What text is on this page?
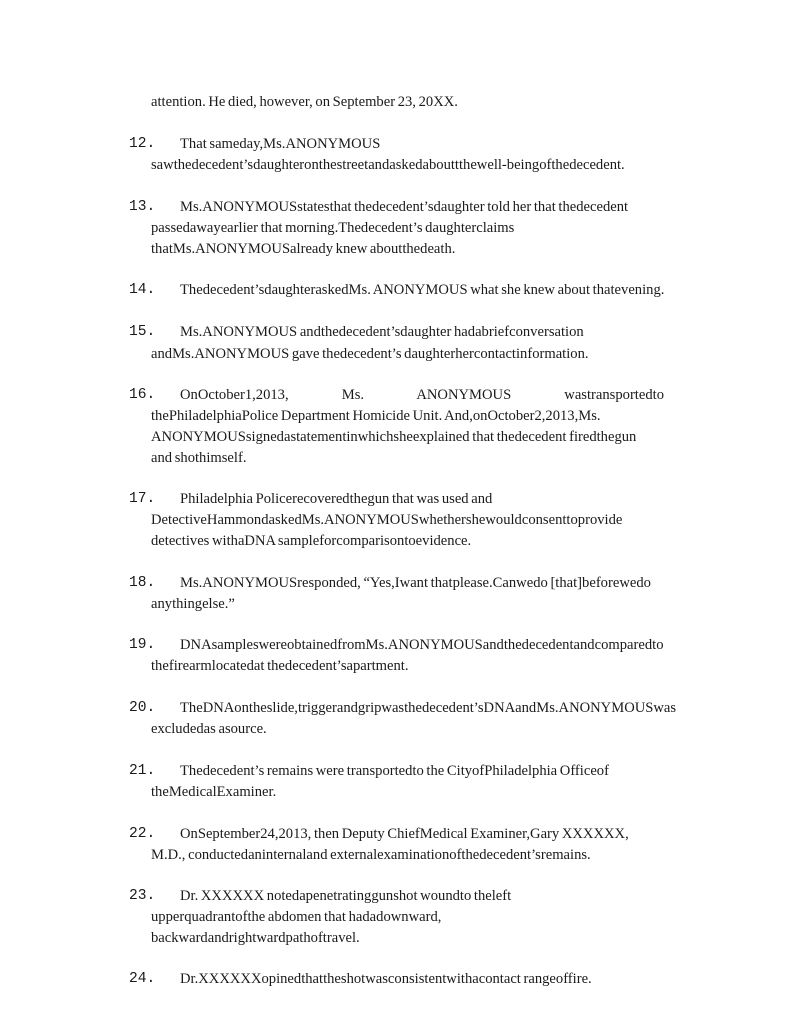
attention. He died, however, on September 23, 20XX.
12. That sameday,Ms.ANONYMOUS
sawthedecedent’sdaughteronthestreetandaskedabouttthewell-beingofthedecedent.
13. Ms.ANONYMOUSstatesthat thedecedent’sdaughter told her that thedecedent
passedawayearlier that morning.Thedecedent’s daughterclaims
thatMs.ANONYMOUSalready knew aboutthedeath.
14. Thedecedent’sdaughteraskedMs. ANONYMOUS what she knew about thatevening.
15. Ms.ANONYMOUS andthedecedent’sdaughter hadabriefconversation
andMs.ANONYMOUS gave thedecedent’s daughterhercontactinformation.
16. OnOctober1,2013, Ms. ANONYMOUS wastransportedto
thePhiladelphiaPolice Department Homicide Unit. And,onOctober2,2013,Ms.
ANONYMOUSsignedastatementinwhichsheexplained that thedecedent firedthegun
and shothimself.
17. Philadelphia Policerecoveredthegun that was used and
DetectiveHammondaskedMs.ANONYMOUSwhethershewouldconsenttoprovide
detectives withaDNA sampleforcomparisontoevidence.
18. Ms.ANONYMOUSresponded, “Yes,Iwant thatplease.Canwedo [that]beforewedo
anythingelse.”
19. DNAsampleswereobtainedfromMs.ANONYMOUSandthedecedentandcomparedto
thefirearmlocatedat thedecedent’sapartment.
20. TheDNAontheslide,triggerandgripwasthedecedent’sDNAandMs.ANONYMOUSwas
excludedas asource.
21. Thedecedent’s remains were transportedto the CityofPhiladelphia Officeof
theMedicalExaminer.
22. OnSeptember24,2013, then Deputy ChiefMedical Examiner,Gary XXXXXX,
M.D., conductedaninternaland externalexaminationofthedecedent’sremains.
23. Dr. XXXXXX notedapenetratinggunshot woundto theleft
upperquadrantofthe abdomen that hadadownward,
backwardandrightwardpathoftravel.
24. Dr.XXXXXXopinedthattheshotwasconsistentwithacontact rangeoffire.
